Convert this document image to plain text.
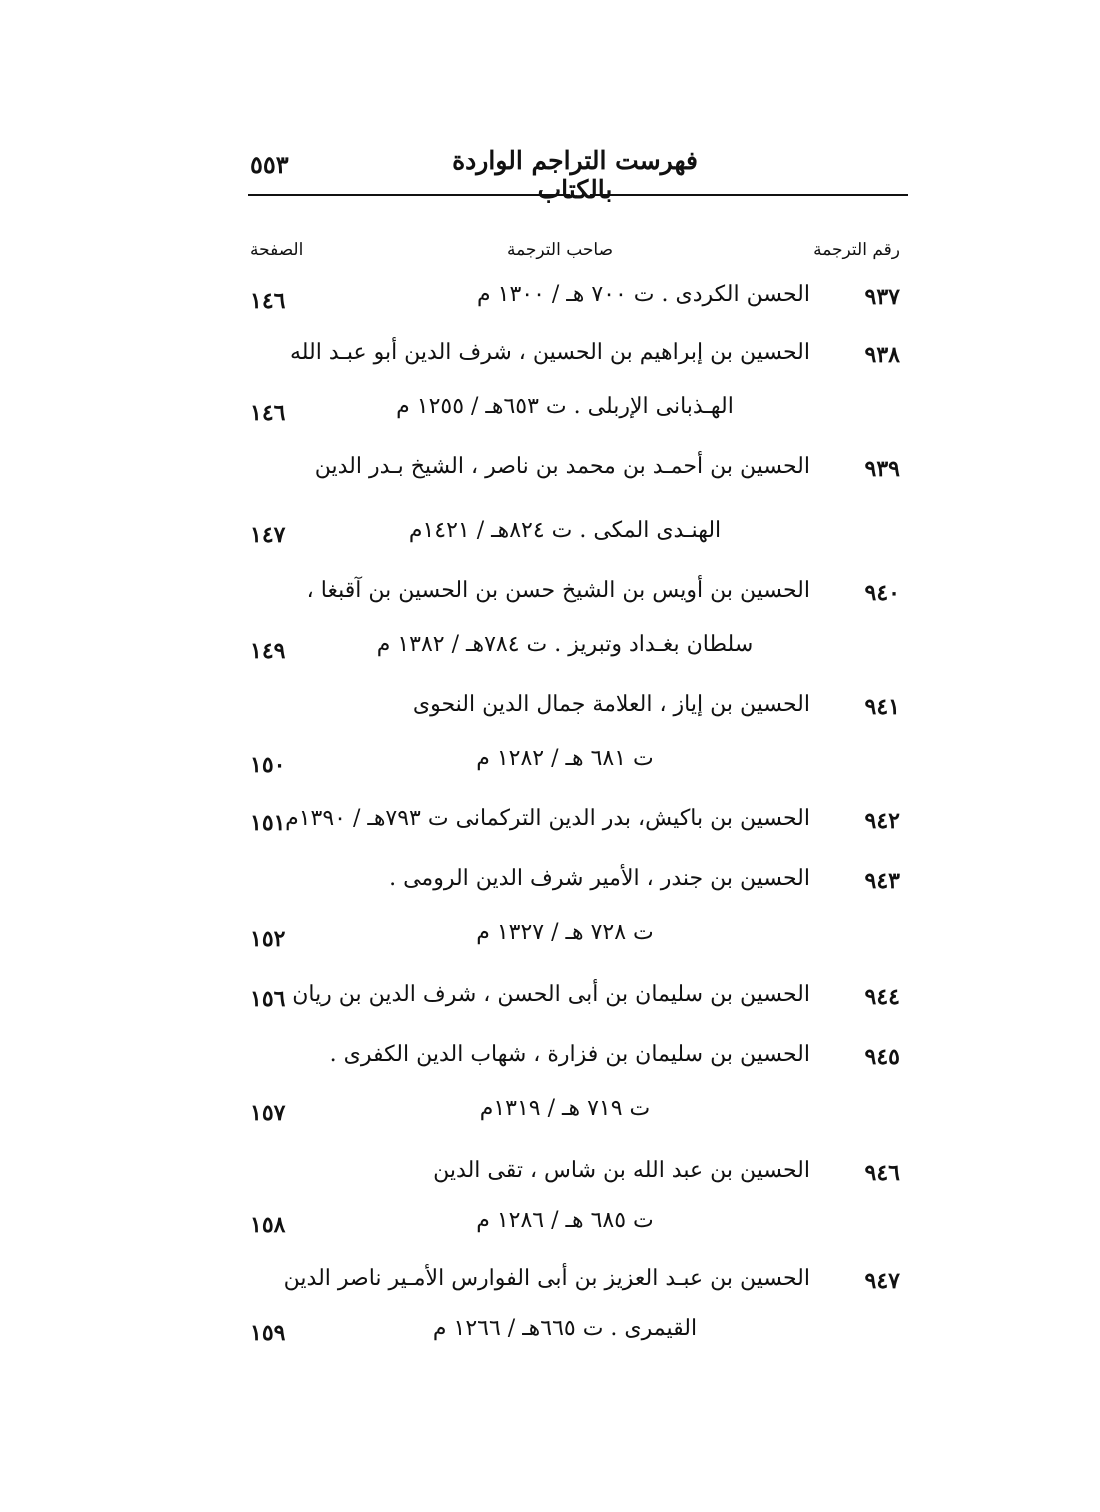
فهرست التراجم الواردة بالكتاب
٥٥٣
رقم الترجمة
صاحب الترجمة
الصفحة
٩٣٧
الحسن الكردى . ت ٧٠٠ هـ / ١٣٠٠ م
١٤٦
٩٣٨
الحسين بن إبراهيم بن الحسين ، شرف الدين أبو عبـد الله
الهـذبانى الإربلى . ت ٦٥٣هـ / ١٢٥٥ م
١٤٦
٩٣٩
الحسين بن أحمـد بن محمد بن ناصر ، الشيخ بـدر الدين
الهنـدى المكى . ت ٨٢٤هـ / ١٤٢١م
١٤٧
٩٤٠
الحسين بن أويس بن الشيخ حسن بن الحسين بن آقبغا ،
سلطان بغـداد وتبريز . ت ٧٨٤هـ / ١٣٨٢ م
١٤٩
٩٤١
الحسين بن إياز ، العلامة جمال الدين النحوى
ت ٦٨١ هـ / ١٢٨٢ م
١٥٠
٩٤٢
الحسين بن باكيش، بدر الدين التركمانى ت ٧٩٣هـ / ١٣٩٠م
١٥١
٩٤٣
الحسين بن جندر ، الأمير شرف الدين الرومى .
ت ٧٢٨ هـ / ١٣٢٧ م
١٥٢
٩٤٤
الحسين بن سليمان بن أبى الحسن ، شرف الدين بن ريان
١٥٦
٩٤٥
الحسين بن سليمان بن فزارة ، شهاب الدين الكفرى .
ت ٧١٩ هـ / ١٣١٩م
١٥٧
٩٤٦
الحسين بن عبد الله بن شاس ، تقى الدين
ت ٦٨٥ هـ / ١٢٨٦ م
١٥٨
٩٤٧
الحسين بن عبـد العزيز بن أبى الفوارس الأمـير ناصر الدين
القيمرى . ت ٦٦٥هـ / ١٢٦٦ م
١٥٩
